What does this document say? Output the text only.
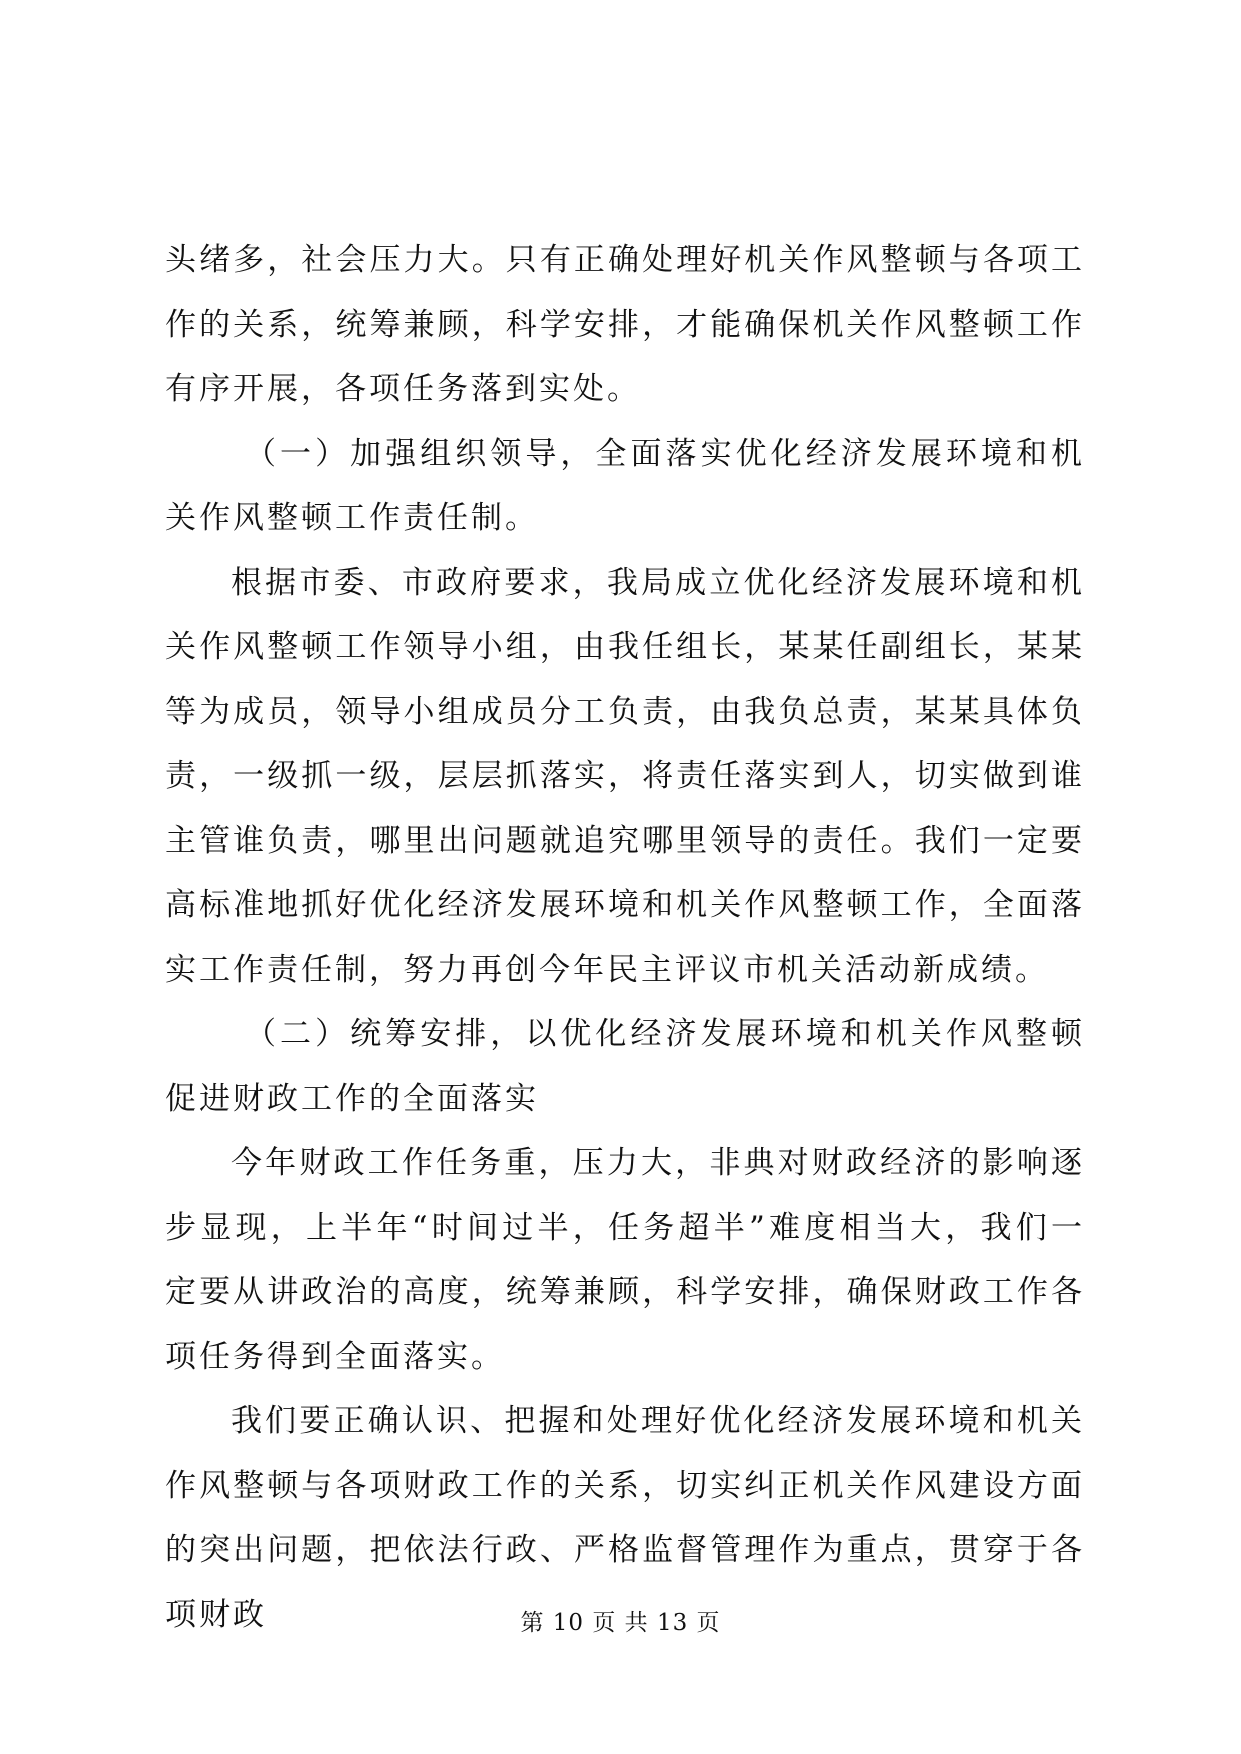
头绪多，社会压力大。只有正确处理好机关作风整顿与各项工作的关系，统筹兼顾，科学安排，才能确保机关作风整顿工作有序开展，各项任务落到实处。

（一）加强组织领导，全面落实优化经济发展环境和机关作风整顿工作责任制。

根据市委、市政府要求，我局成立优化经济发展环境和机关作风整顿工作领导小组，由我任组长，某某任副组长，某某等为成员，领导小组成员分工负责，由我负总责，某某具体负责，一级抓一级，层层抓落实，将责任落实到人，切实做到谁主管谁负责，哪里出问题就追究哪里领导的责任。我们一定要高标准地抓好优化经济发展环境和机关作风整顿工作，全面落实工作责任制，努力再创今年民主评议市机关活动新成绩。

（二）统筹安排，以优化经济发展环境和机关作风整顿促进财政工作的全面落实

今年财政工作任务重，压力大，非典对财政经济的影响逐步显现，上半年“时间过半，任务超半”难度相当大，我们一定要从讲政治的高度，统筹兼顾，科学安排，确保财政工作各项任务得到全面落实。

我们要正确认识、把握和处理好优化经济发展环境和机关作风整顿与各项财政工作的关系，切实纠正机关作风建设方面的突出问题，把依法行政、严格监督管理作为重点，贯穿于各项财政	第 10 页 共 13 页
